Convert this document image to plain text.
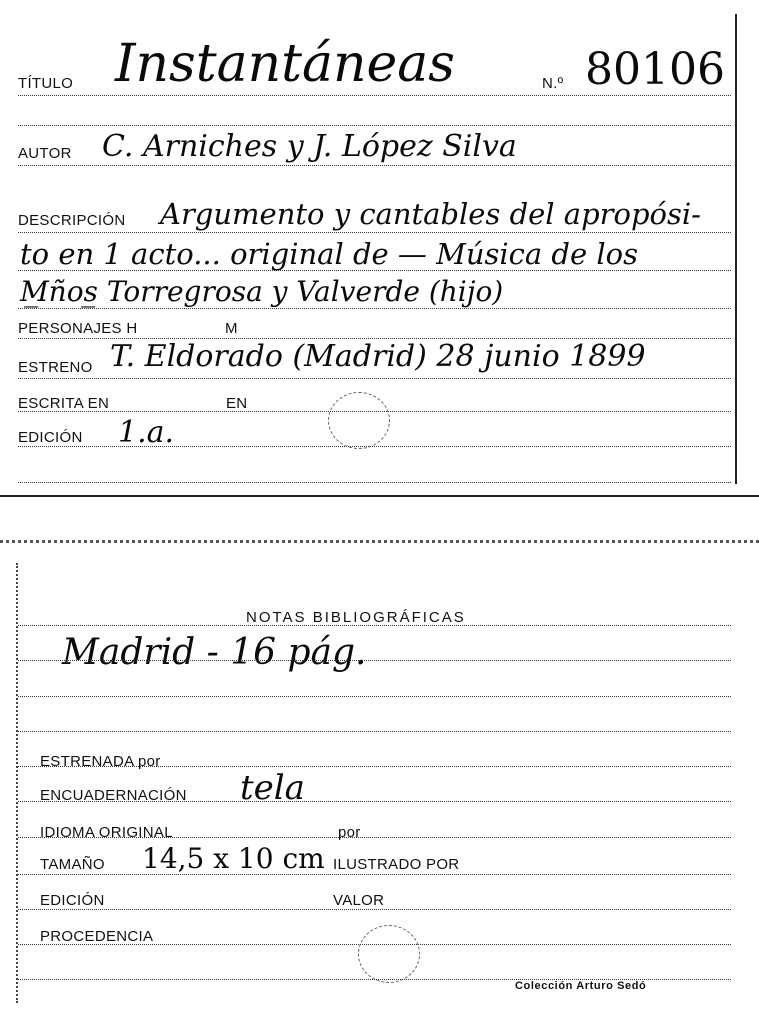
TÍTULO Instantáneas	N.º 80106
AUTOR C. Arniches y J. López Silva
DESCRIPCIÓN Argumento y cantables del apropósi-
to en 1 acto... original de — Música de los
M̲ños̲ Torregrosa y Valverde (hijo)
PERSONAJES H	M
ESTRENO T. Eldorado (Madrid) 28 junio 1899
ESCRITA EN	EN
EDICIÓN 1.a.
NOTAS BIBLIOGRÁFICAS
Madrid - 16 pág.
ESTRENADA por
ENCUADERNACIÓN tela
IDIOMA ORIGINAL	por
TAMAÑO 14,5 x 10 cm ILUSTRADO POR
EDICIÓN	VALOR
PROCEDENCIA
Colección Arturo Sedó
